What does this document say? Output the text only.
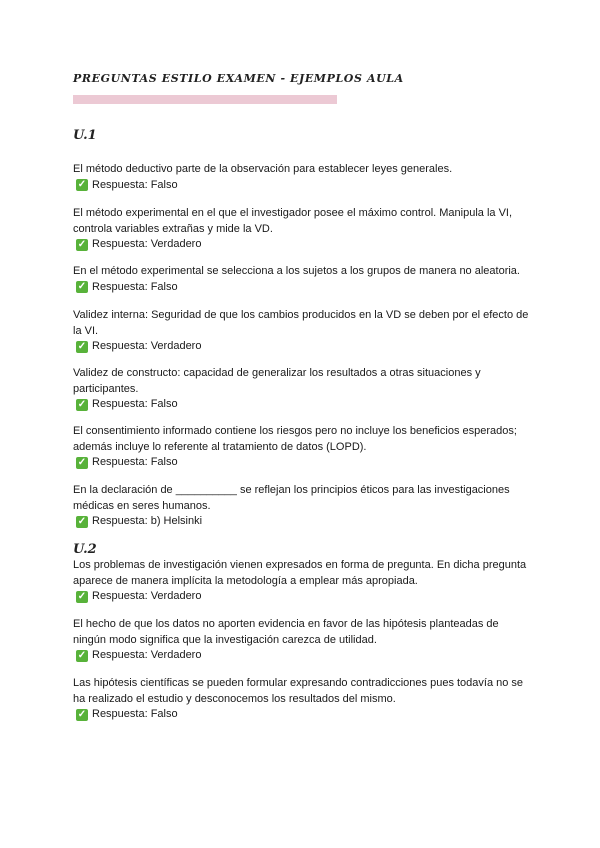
PREGUNTAS ESTILO EXAMEN - EJEMPLOS AULA
U.1

El método deductivo parte de la observación para establecer leyes generales.

✓ Respuesta: Falso

El método experimental en el que el investigador posee el máximo control. Manipula la VI, controla variables extrañas y mide la VD.

✓ Respuesta: Verdadero

En el método experimental se selecciona a los sujetos a los grupos de manera no aleatoria.

✓ Respuesta: Falso

Validez interna: Seguridad de que los cambios producidos en la VD se deben por el efecto de la VI.

✓ Respuesta: Verdadero

Validez de constructo: capacidad de generalizar los resultados a otras situaciones y participantes.

✓ Respuesta: Falso

El consentimiento informado contiene los riesgos pero no incluye los beneficios esperados; además incluye lo referente al tratamiento de datos (LOPD).

✓ Respuesta: Falso

En la declaración de __________ se reflejan los principios éticos para las investigaciones médicas en seres humanos.

✓ Respuesta: b) Helsinki
U.2

Los problemas de investigación vienen expresados en forma de pregunta. En dicha pregunta aparece de manera implícita la metodología a emplear más apropiada.

✓ Respuesta: Verdadero

El hecho de que los datos no aporten evidencia en favor de las hipótesis planteadas de ningún modo significa que la investigación carezca de utilidad.

✓ Respuesta: Verdadero

Las hipótesis científicas se pueden formular expresando contradicciones pues todavía no se ha realizado el estudio y desconocemos los resultados del mismo.

✓ Respuesta: Falso
